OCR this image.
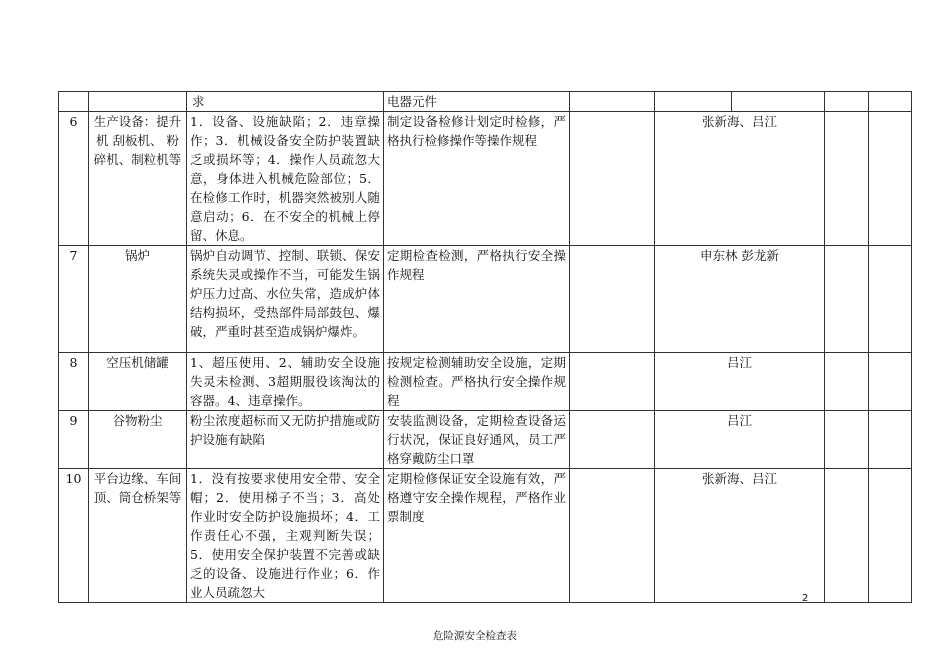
		求	电器元件					
6	生产设备：提升机 刮板机、 粉碎机、制粒机等	1．设备、设施缺陷；2．违章操作；3．机械设备安全防护装置缺乏或损坏等；4．操作人员疏忽大意，身体进入机械危险部位；5．在检修工作时，机器突然被别人随意启动；6．在不安全的机械上停留、休息。	制定设备检修计划定时检修，严格执行检修操作等操作规程		张新海、吕江			
7	锅炉	锅炉自动调节、控制、联锁、保安系统失灵或操作不当，可能发生锅炉压力过高、水位失常，造成炉体结构损坏，受热部件局部鼓包、爆破，严重时甚至造成锅炉爆炸。	定期检查检测，严格执行安全操作规程		申东林 彭龙新			
8	空压机储罐	1、超压使用、2、辅助安全设施失灵未检测、3超期服役该淘汰的容器。4、违章操作。	按规定检测辅助安全设施，定期检测检查。严格执行安全操作规程		吕江			
9	谷物粉尘	粉尘浓度超标而又无防护措施或防护设施有缺陷	安装监测设备，定期检查设备运行状况，保证良好通风，员工严格穿戴防尘口罩		吕江			
10	平台边缘、车间顶、筒仓桥架等	1．没有按要求使用安全带、安全帽；2．使用梯子不当；3．高处作业时安全防护设施损坏；4．工作责任心不强，主观判断失误；5．使用安全保护装置不完善或缺乏的设备、设施进行作业；6．作业人员疏忽大	定期检修保证安全设施有效，严格遵守安全操作规程，严格作业票制度		张新海、吕江			
2
危险源安全检查表
